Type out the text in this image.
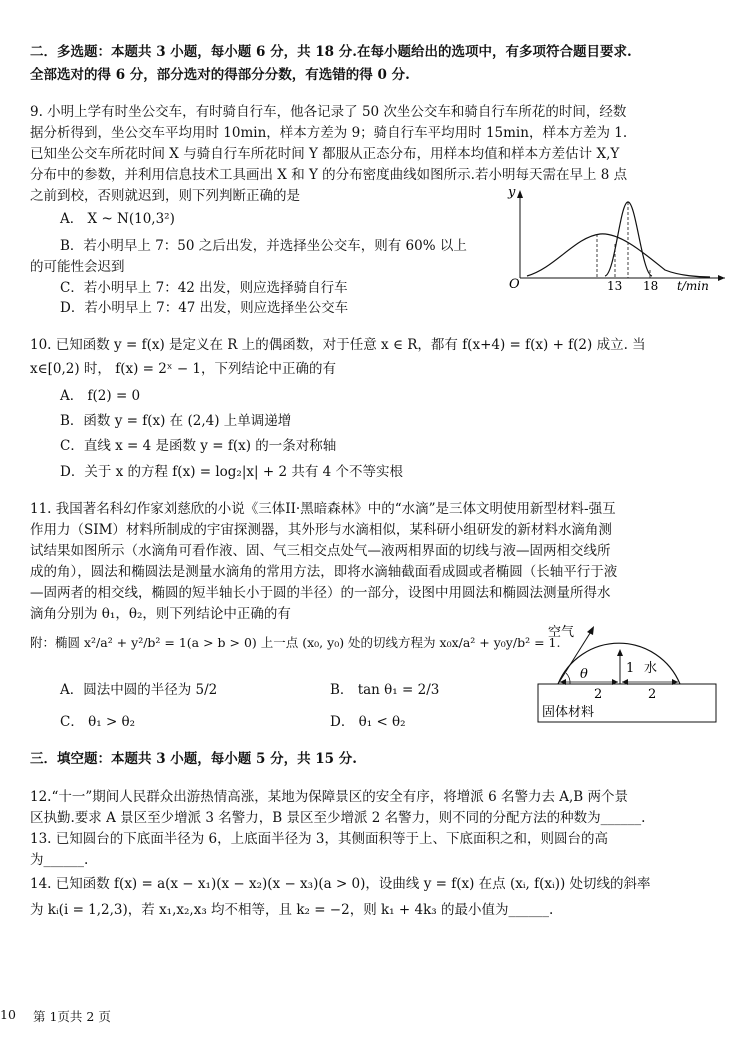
二．多选题：本题共 3 小题，每小题 6 分，共 18 分.在每小题给出的选项中，有多项符合题目要求.
全部选对的得 6 分，部分选对的得部分分数，有选错的得 0 分.
9. 小明上学有时坐公交车，有时骑自行车，他各记录了 50 次坐公交车和骑自行车所花的时间，经数
据分析得到，坐公交车平均用时 10min，样本方差为 9；骑自行车平均用时 15min，样本方差为 1.
已知坐公交车所花时间 X 与骑自行车所花时间 Y 都服从正态分布，用样本均值和样本方差估计 X,Y
分布中的参数，并利用信息技术工具画出 X 和 Y 的分布密度曲线如图所示.若小明每天需在早上 8 点
之前到校，否则就迟到，则下列判断正确的是
A． X ~ N(10,3²)
B．若小明早上 7：50 之后出发，并选择坐公交车，则有 60% 以上
的可能性会迟到
C．若小明早上 7：42 出发，则应选择骑自行车
D．若小明早上 7：47 出发，则应选择坐公交车
y
O	13 18 t/min
10. 已知函数 y = f(x) 是定义在 R 上的偶函数，对于任意 x ∈ R，都有 f(x+4) = f(x) + f(2) 成立. 当
x∈[0,2) 时， f(x) = 2ˣ − 1，下列结论中正确的有
A． f(2) = 0
B．函数 y = f(x) 在 (2,4) 上单调递增
C．直线 x = 4 是函数 y = f(x) 的一条对称轴
D．关于 x 的方程 f(x) = log₂|x| + 2 共有 4 个不等实根
11. 我国著名科幻作家刘慈欣的小说《三体II·黑暗森林》中的“水滴”是三体文明使用新型材料-强互
作用力（SIM）材料所制成的宇宙探测器，其外形与水滴相似，某科研小组研发的新材料水滴角测
试结果如图所示（水滴角可看作液、固、气三相交点处气—液两相界面的切线与液—固两相交线所
成的角），圆法和椭圆法是测量水滴角的常用方法，即将水滴轴截面看成圆或者椭圆（长轴平行于液
—固两者的相交线，椭圆的短半轴长小于圆的半径）的一部分，设图中用圆法和椭圆法测量所得水
滴角分别为 θ₁，θ₂，则下列结论中正确的有
附：椭圆 x²/a² + y²/b² = 1(a > b > 0) 上一点 (x₀, y₀) 处的切线方程为 x₀x/a² + y₀y/b² = 1.
A．圆法中圆的半径为 5/2	B． tan θ₁ = 2/3
C． θ₁ > θ₂	D． θ₁ < θ₂
空气
θ	1 水
2	2
固体材料
三．填空题：本题共 3 小题，每小题 5 分，共 15 分.
12.“十一”期间人民群众出游热情高涨，某地为保障景区的安全有序，将增派 6 名警力去 A,B 两个景
区执勤.要求 A 景区至少增派 3 名警力，B 景区至少增派 2 名警力，则不同的分配方法的种数为______.
13. 已知圆台的下底面半径为 6，上底面半径为 3，其侧面积等于上、下底面积之和，则圆台的高
为______.
14. 已知函数 f(x) = a(x − x₁)(x − x₂)(x − x₃)(a > 0)，设曲线 y = f(x) 在点 (xᵢ, f(xᵢ)) 处切线的斜率
为 kᵢ(i = 1,2,3)，若 x₁,x₂,x₃ 均不相等，且 k₂ = −2，则 k₁ + 4k₃ 的最小值为______.
10 第 1页共 2 页
